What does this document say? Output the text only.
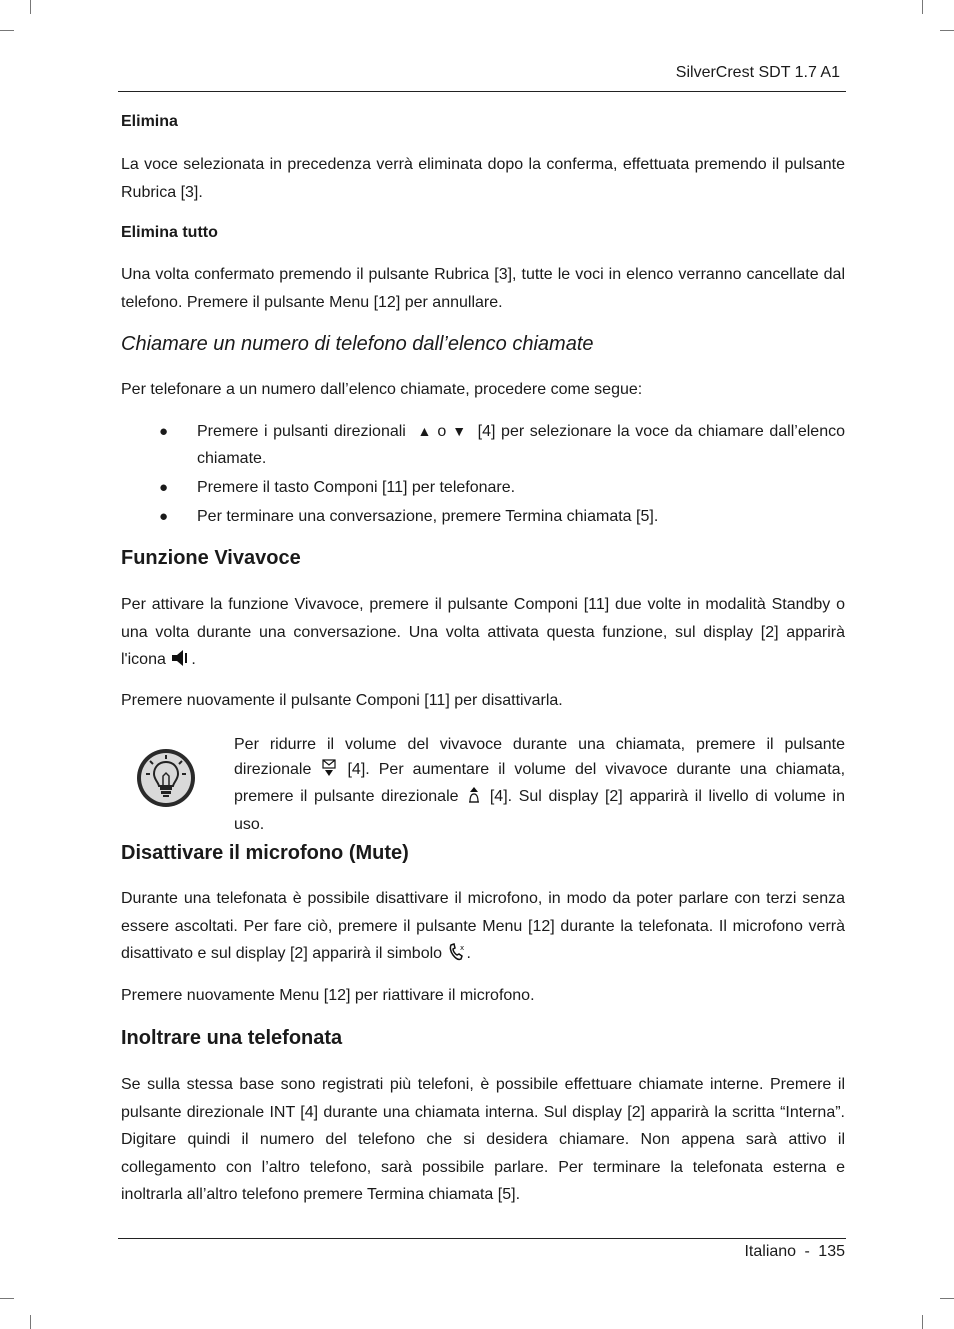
SilverCrest SDT 1.7 A1
Elimina
La voce selezionata in precedenza verrà eliminata dopo la conferma, effettuata premendo il pulsante Rubrica [3].
Elimina tutto
Una volta confermato premendo il pulsante Rubrica [3], tutte le voci in elenco verranno cancellate dal telefono. Premere il pulsante Menu [12] per annullare.
Chiamare un numero di telefono dall’elenco chiamate
Per telefonare a un numero dall’elenco chiamate, procedere come segue:
● Premere i pulsanti direzionali ▲ o ▼ [4] per selezionare la voce da chiamare dall’elenco chiamate.
● Premere il tasto Componi [11] per telefonare.
● Per terminare una conversazione, premere Termina chiamata [5].
Funzione Vivavoce
Per attivare la funzione Vivavoce, premere il pulsante Componi [11] due volte in modalità Standby o una volta durante una conversazione. Una volta attivata questa funzione, sul display [2] apparirà l'icona .
Premere nuovamente il pulsante Componi [11] per disattivarla.
Disattivare il microfono (Mute)
Durante una telefonata è possibile disattivare il microfono, in modo da poter parlare con terzi senza essere ascoltati. Per fare ciò, premere il pulsante Menu [12] durante la telefonata. Il microfono verrà disattivato e sul display [2] apparirà il simbolo x .
Premere nuovamente Menu [12] per riattivare il microfono.
Inoltrare una telefonata
Se sulla stessa base sono registrati più telefoni, è possibile effettuare chiamate interne. Premere il pulsante direzionale INT [4] durante una chiamata interna. Sul display [2] apparirà la scritta “Interna”. Digitare quindi il numero del telefono che si desidera chiamare. Non appena sarà attivo il collegamento con l’altro telefono, sarà possibile parlare. Per terminare la telefonata esterna e inoltrarla all’altro telefono premere Termina chiamata [5].
Per ridurre il volume del vivavoce durante una chiamata, premere il pulsante direzionale [4]. Per aumentare il volume del vivavoce durante una chiamata, premere il pulsante direzionale [4]. Sul display [2] apparirà il livello di volume in uso.
Italiano - 135
